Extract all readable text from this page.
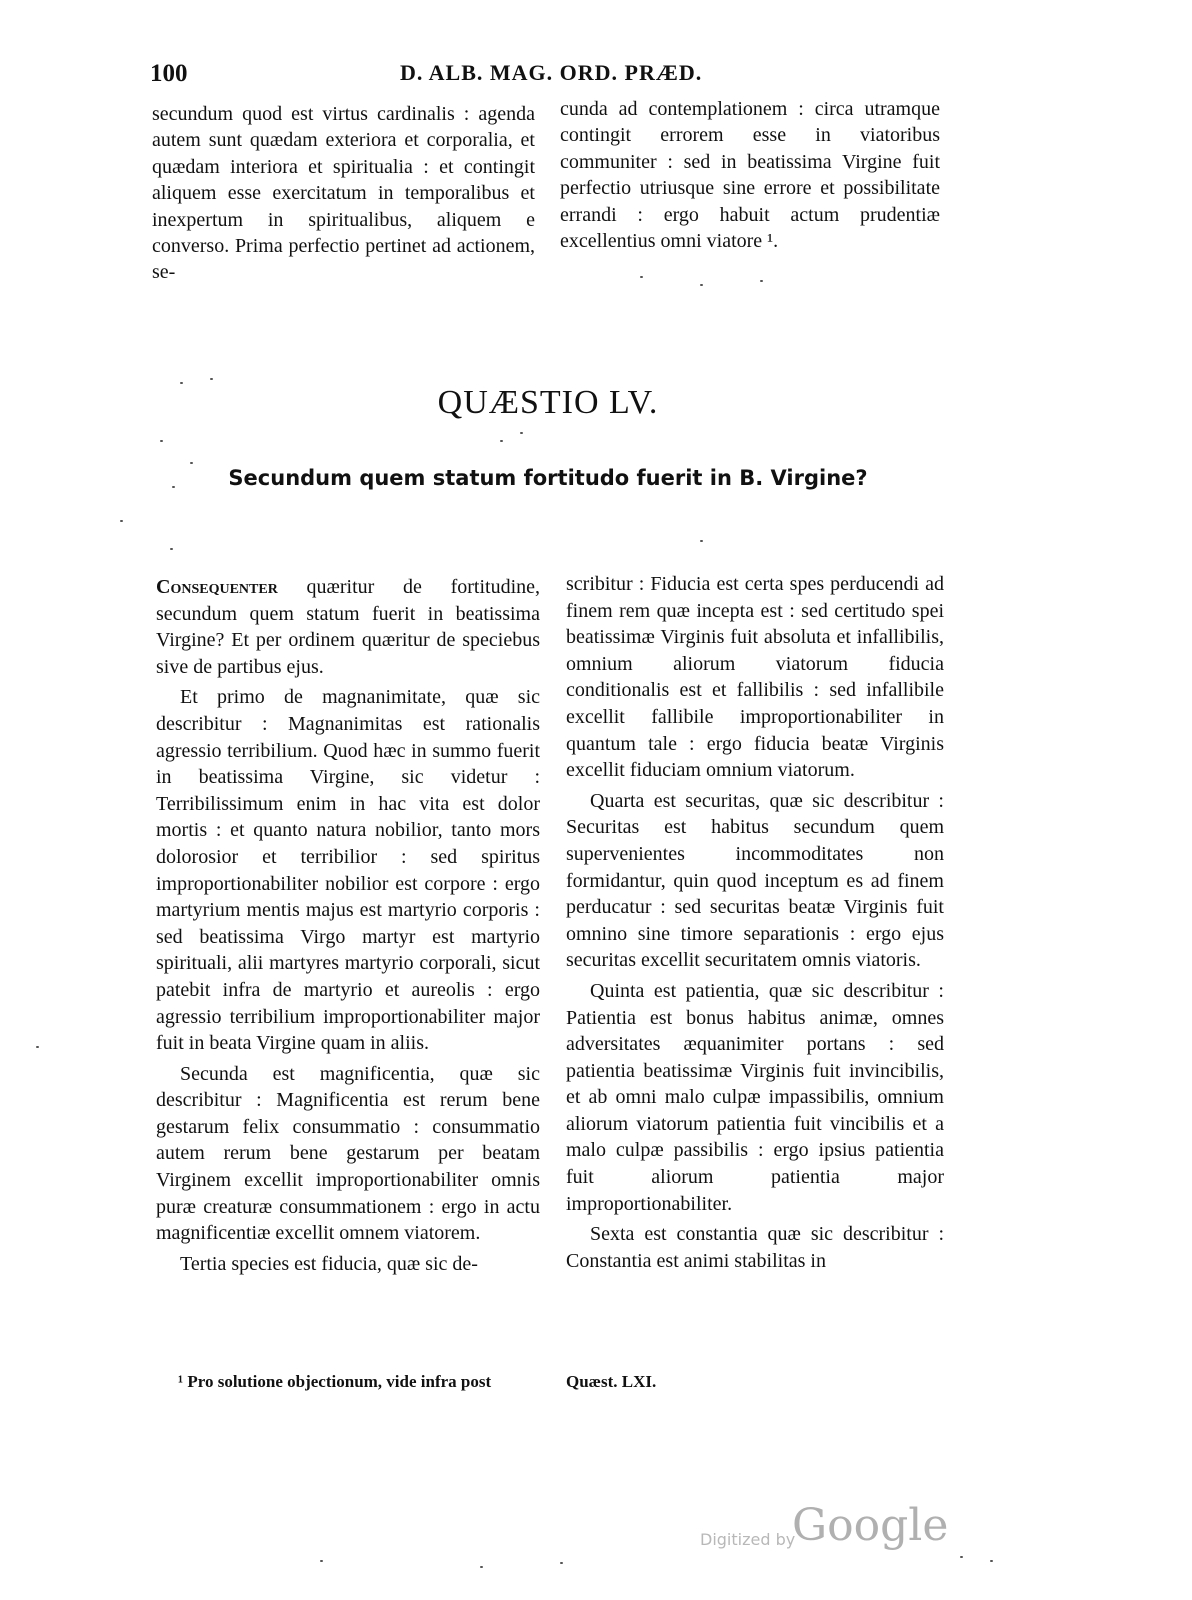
100	D. ALB. MAG. ORD. PRÆD.

secundum quod est virtus cardinalis : agenda autem sunt quædam exteriora et corporalia, et quædam interiora et spiritualia : et contingit aliquem esse exercitatum in temporalibus et inexpertum in spiritualibus, aliquem e converso. Prima perfectio pertinet ad actionem, se-

cunda ad contemplationem : circa utramque contingit errorem esse in viatoribus communiter : sed in beatissima Virgine fuit perfectio utriusque sine errore et possibilitate errandi : ergo habuit actum prudentiæ excellentius omni viatore ¹.

QUÆSTIO LV.
Secundum quem statum fortitudo fuerit in B. Virgine?

Consequenter quæritur de fortitudine, secundum quem statum fuerit in beatissima Virgine? Et per ordinem quæritur de speciebus sive de partibus ejus.

Et primo de magnanimitate, quæ sic describitur : Magnanimitas est rationalis agressio terribilium. Quod hæc in summo fuerit in beatissima Virgine, sic videtur : Terribilissimum enim in hac vita est dolor mortis : et quanto natura nobilior, tanto mors dolorosior et terribilior : sed spiritus improportionabiliter nobilior est corpore : ergo martyrium mentis majus est martyrio corporis : sed beatissima Virgo martyr est martyrio spirituali, alii martyres martyrio corporali, sicut patebit infra de martyrio et aureolis : ergo agressio terribilium improportionabiliter major fuit in beata Virgine quam in aliis.

Secunda est magnificentia, quæ sic describitur : Magnificentia est rerum bene gestarum felix consummatio : consummatio autem rerum bene gestarum per beatam Virginem excellit improportionabiliter omnis puræ creaturæ consummationem : ergo in actu magnificentiæ excellit omnem viatorem.

Tertia species est fiducia, quæ sic de-

scribitur : Fiducia est certa spes perducendi ad finem rem quæ incepta est : sed certitudo spei beatissimæ Virginis fuit absoluta et infallibilis, omnium aliorum viatorum fiducia conditionalis est et fallibilis : sed infallibile excellit fallibile improportionabiliter in quantum tale : ergo fiducia beatæ Virginis excellit fiduciam omnium viatorum.

Quarta est securitas, quæ sic describitur : Securitas est habitus secundum quem supervenientes incommoditates non formidantur, quin quod inceptum es ad finem perducatur : sed securitas beatæ Virginis fuit omnino sine timore separationis : ergo ejus securitas excellit securitatem omnis viatoris.

Quinta est patientia, quæ sic describitur : Patientia est bonus habitus animæ, omnes adversitates æquanimiter portans : sed patientia beatissimæ Virginis fuit invincibilis, et ab omni malo culpæ impassibilis, omnium aliorum viatorum patientia fuit vincibilis et a malo culpæ passibilis : ergo ipsius patientia fuit aliorum patientia major improportionabiliter.

Sexta est constantia quæ sic describitur : Constantia est animi stabilitas in

¹ Pro solutione objectionum, vide infra post	Quæst. LXI.
Digitized by
Google
